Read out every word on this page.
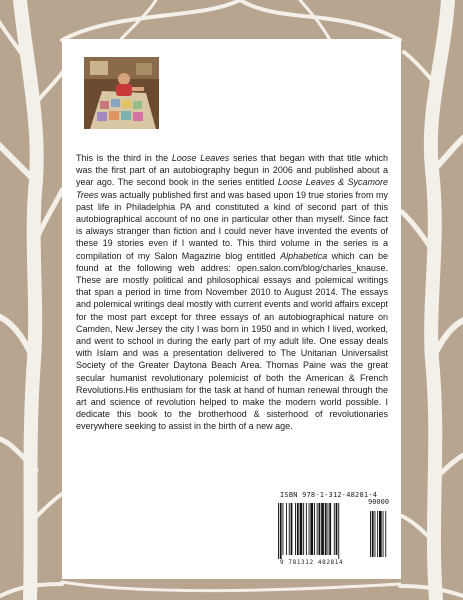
This is the third in the Loose Leaves series that began with that title which was the first part of an autobiography begun in 2006 and published about a year ago. The second book in the series entitled Loose Leaves & Sycamore Trees was actually published first and was based upon 19 true stories from my past life in Philadelphia PA and constituted a kind of second part of this autobiographical account of no one in particular other than myself. Since fact is always stranger than fiction and I could never have invented the events of these 19 stories even if I wanted to. This third volume in the series is a compilation of my Salon Magazine blog entitled Alphabetica which can be found at the following web addres: open.salon.com/blog/charles_knause. These are mostly political and philosophical essays and polemical writings that span a period in time from November 2010 to August 2014. The essays and polemical writings deal mostly with current events and world affairs except for the most part except for three essays of an autobiographical nature on Camden, New Jersey the city I was born in 1950 and in which I lived, worked, and went to school in during the early part of my adult life. One essay deals with Islam and was a presentation delivered to The Unitarian Universalist Society of the Greater Daytona Beach Area. Thomas Paine was the great secular humanist revolutionary polemicist of both the American & French Revolutions.His enthusiam for the task at hand of human renewal through the art and science of revolution helped to make the modern world possible. I dedicate this book to the brotherhood & sisterhood of revolutionaries everywhere seeking to assist in the birth of a new age.

ISBN 978-1-312-48281-4
90000
9 781312 482814
